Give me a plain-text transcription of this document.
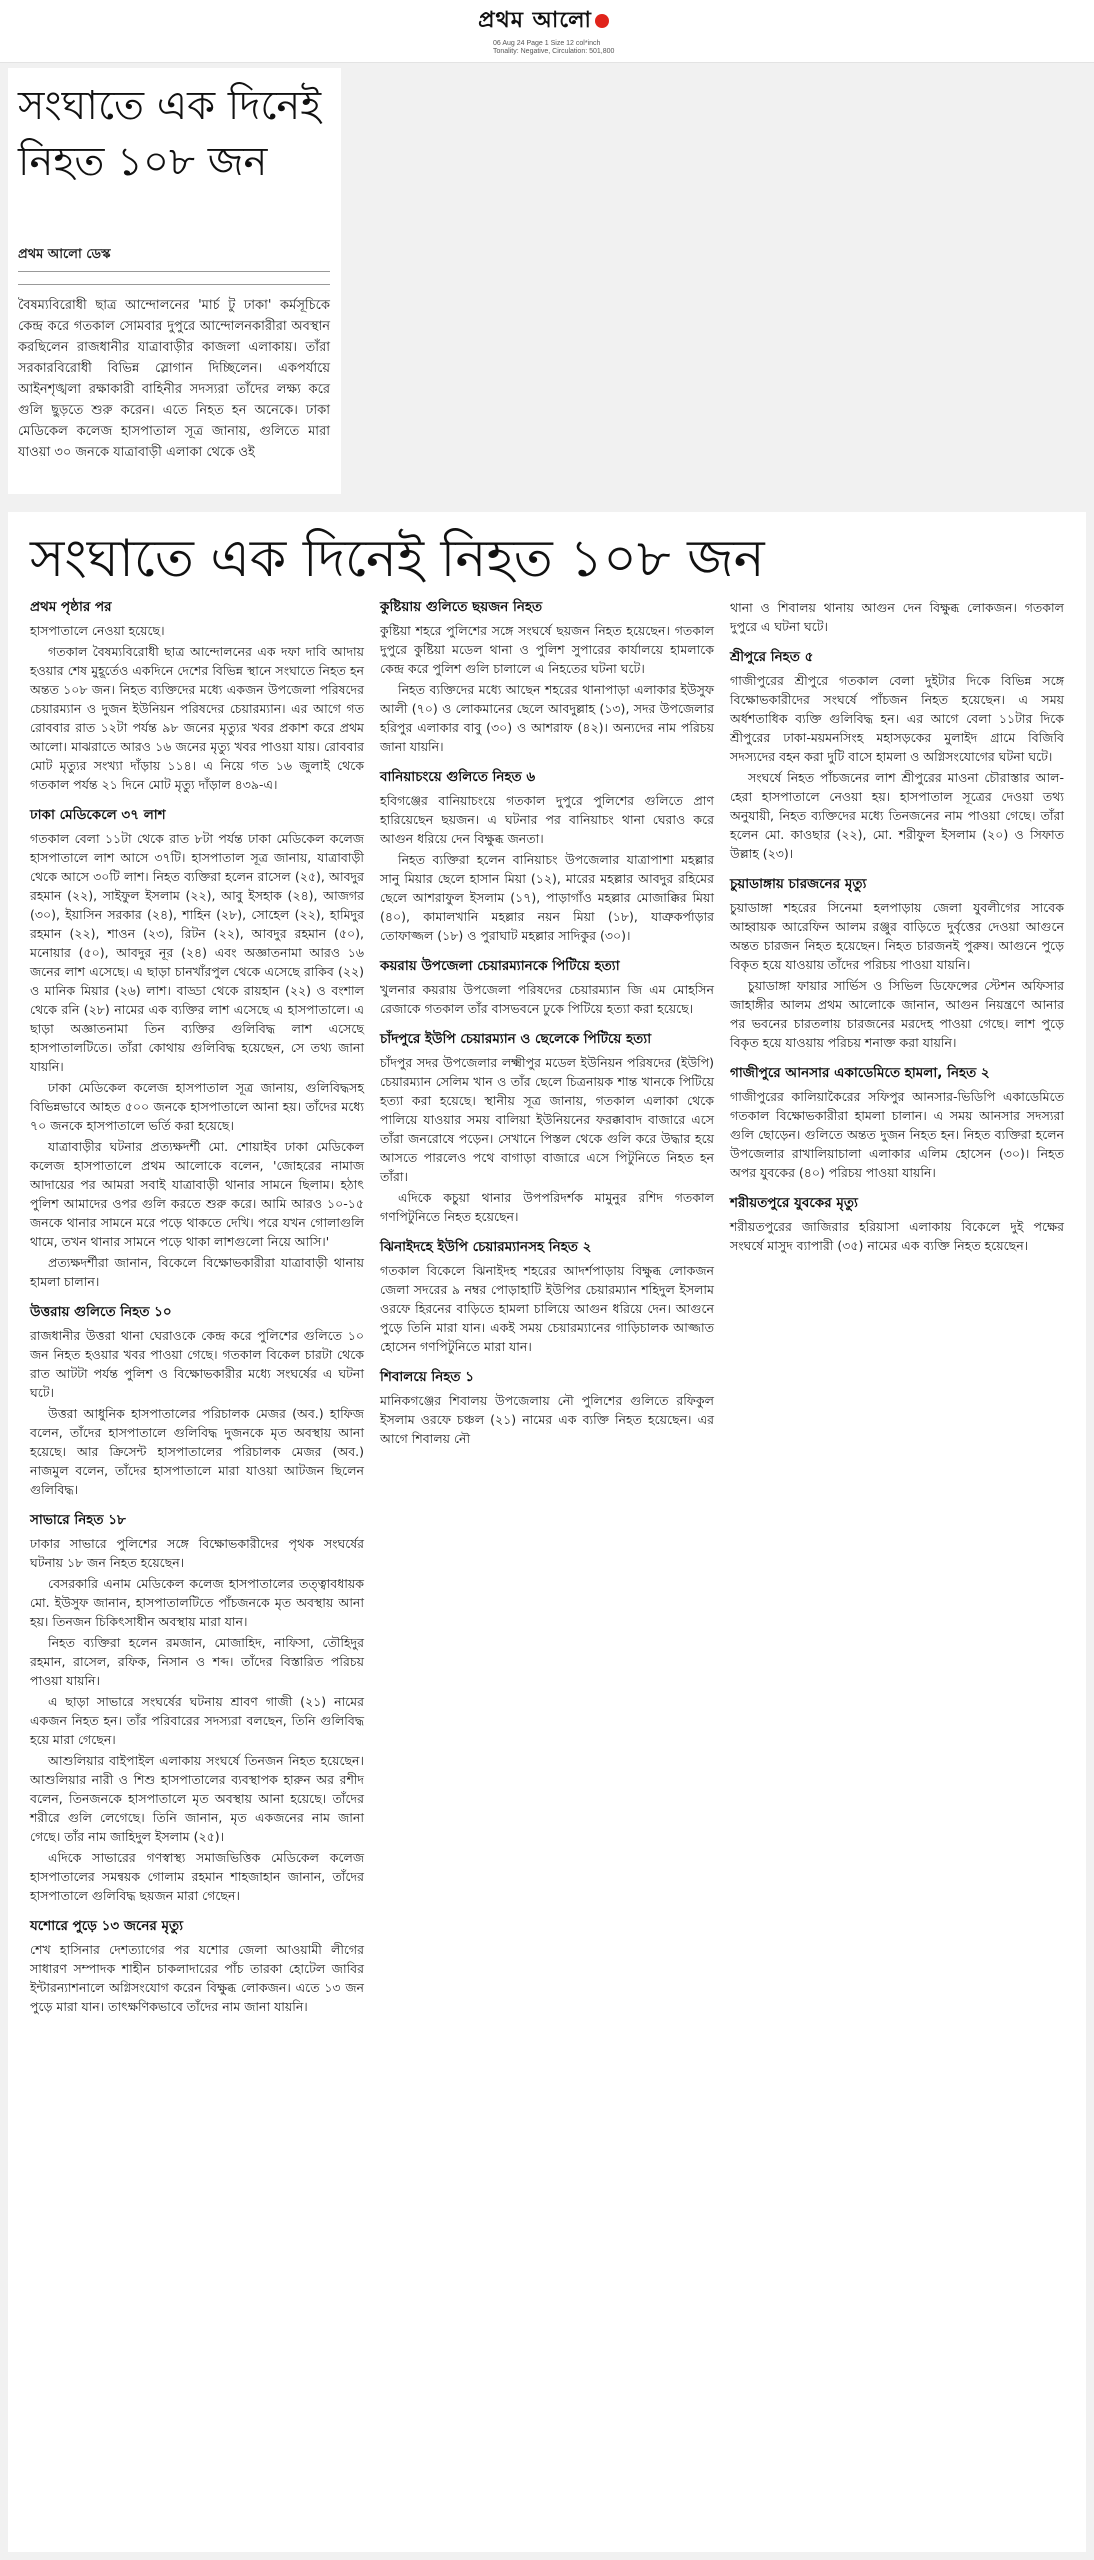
প্রথম আলো
06 Aug 24 Page 1 Size 12 col*inch
Tonality: Negative, Circulation: 501,800
সংঘাতে এক দিনেই নিহত ১০৮ জন
প্রথম আলো ডেস্ক

বৈষম্যবিরোধী ছাত্র আন্দোলনের 'মার্চ টু ঢাকা' কর্মসূচিকে কেন্দ্র করে গতকাল সোমবার দুপুরে আন্দোলনকারীরা অবস্থান করছিলেন রাজধানীর যাত্রাবাড়ীর কাজলা এলাকায়। তাঁরা সরকারবিরোধী বিভিন্ন স্লোগান দিচ্ছিলেন। একপর্যায়ে আইনশৃঙ্খলা রক্ষাকারী বাহিনীর সদস্যরা তাঁদের লক্ষ্য করে গুলি ছুড়তে শুরু করেন। এতে নিহত হন অনেকে। ঢাকা মেডিকেল কলেজ হাসপাতাল সূত্র জানায়, গুলিতে মারা যাওয়া ৩০ জনকে যাত্রাবাড়ী এলাকা থেকে ওই

সংঘাতে এক দিনেই নিহত ১০৮ জন
প্রথম পৃষ্ঠার পর

হাসপাতালে নেওয়া হয়েছে।

গতকাল বৈষম্যবিরোধী ছাত্র আন্দোলনের এক দফা দাবি আদায় হওয়ার শেষ মুহূর্তেও একদিনে দেশের বিভিন্ন স্থানে সংঘাতে নিহত হন অন্তত ১০৮ জন। নিহত ব্যক্তিদের মধ্যে একজন উপজেলা পরিষদের চেয়ারম্যান ও দুজন ইউনিয়ন পরিষদের চেয়ারম্যান। এর আগে গত রোববার রাত ১২টা পর্যন্ত ৯৮ জনের মৃত্যুর খবর প্রকাশ করে প্রথম আলো। মাঝরাতে আরও ১৬ জনের মৃত্যু খবর পাওয়া যায়। রোববার মোট মৃত্যুর সংখ্যা দাঁড়ায় ১১৪। এ নিয়ে গত ১৬ জুলাই থেকে গতকাল পর্যন্ত ২১ দিনে মোট মৃত্যু দাঁড়াল ৪৩৯-এ।

ঢাকা মেডিকেলে ৩৭ লাশ

গতকাল বেলা ১১টা থেকে রাত ৮টা পর্যন্ত ঢাকা মেডিকেল কলেজ হাসপাতালে লাশ আসে ৩৭টি। হাসপাতাল সূত্র জানায়, যাত্রাবাড়ী থেকে আসে ৩০টি লাশ। নিহত ব্যক্তিরা হলেন রাসেল (২৫), আবদুর রহমান (২২), সাইফুল ইসলাম (২২), আবু ইসহাক (২৪), আজগর (৩০), ইয়াসিন সরকার (২৪), শাহিন (২৮), সোহেল (২২), হামিদুর রহমান (২২), শাওন (২৩), রিটন (২২), আবদুর রহমান (৫০), মনোয়ার (৫০), আবদুর নূর (২৪) এবং অজ্ঞাতনামা আরও ১৬ জনের লাশ এসেছে। এ ছাড়া চানখাঁরপুল থেকে এসেছে রাকিব (২২) ও মানিক মিয়ার (২৬) লাশ। বাড্ডা থেকে রায়হান (২২) ও বংশাল থেকে রনি (২৮) নামের এক ব্যক্তির লাশ এসেছে এ হাসপাতালে। এ ছাড়া অজ্ঞাতনামা তিন ব্যক্তির গুলিবিদ্ধ লাশ এসেছে হাসপাতালটিতে। তাঁরা কোথায় গুলিবিদ্ধ হয়েছেন, সে তথ্য জানা যায়নি।

ঢাকা মেডিকেল কলেজ হাসপাতাল সূত্র জানায়, গুলিবিদ্ধসহ বিভিন্নভাবে আহত ৫০০ জনকে হাসপাতালে আনা হয়। তাঁদের মধ্যে ৭০ জনকে হাসপাতালে ভর্তি করা হয়েছে।

যাত্রাবাড়ীর ঘটনার প্রত্যক্ষদর্শী মো. শোয়াইব ঢাকা মেডিকেল কলেজ হাসপাতালে প্রথম আলোকে বলেন, 'জোহরের নামাজ আদায়ের পর আমরা সবাই যাত্রাবাড়ী থানার সামনে ছিলাম। হঠাৎ পুলিশ আমাদের ওপর গুলি করতে শুরু করে। আমি আরও ১০-১৫ জনকে থানার সামনে মরে পড়ে থাকতে দেখি। পরে যখন গোলাগুলি থামে, তখন থানার সামনে পড়ে থাকা লাশগুলো নিয়ে আসি।'

প্রত্যক্ষদর্শীরা জানান, বিকেলে বিক্ষোভকারীরা যাত্রাবাড়ী থানায় হামলা চালান।

উত্তরায় গুলিতে নিহত ১০

রাজধানীর উত্তরা থানা ঘেরাওকে কেন্দ্র করে পুলিশের গুলিতে ১০ জন নিহত হওয়ার খবর পাওয়া গেছে। গতকাল বিকেল চারটা থেকে রাত আটটা পর্যন্ত পুলিশ ও বিক্ষোভকারীর মধ্যে সংঘর্ষের এ ঘটনা ঘটে।

উত্তরা আধুনিক হাসপাতালের পরিচালক মেজর (অব.) হাফিজ বলেন, তাঁদের হাসপাতালে গুলিবিদ্ধ দুজনকে মৃত অবস্থায় আনা হয়েছে। আর ক্রিসেন্ট হাসপাতালের পরিচালক মেজর (অব.) নাজমুল বলেন, তাঁদের হাসপাতালে মারা যাওয়া আটজন ছিলেন গুলিবিদ্ধ।

সাভারে নিহত ১৮

ঢাকার সাভারে পুলিশের সঙ্গে বিক্ষোভকারীদের পৃথক সংঘর্ষের ঘটনায় ১৮ জন নিহত হয়েছেন।

বেসরকারি এনাম মেডিকেল কলেজ হাসপাতালের তত্ত্বাবধায়ক মো. ইউসুফ জানান, হাসপাতালটিতে পাঁচজনকে মৃত অবস্থায় আনা হয়। তিনজন চিকিৎসাধীন অবস্থায় মারা যান।

নিহত ব্যক্তিরা হলেন রমজান, মোজাহিদ, নাফিসা, তৌহিদুর রহমান, রাসেল, রফিক, নিসান ও শব্দ। তাঁদের বিস্তারিত পরিচয় পাওয়া যায়নি।

এ ছাড়া সাভারে সংঘর্ষের ঘটনায় শ্রাবণ গাজী (২১) নামের একজন নিহত হন। তাঁর পরিবারের সদস্যরা বলছেন, তিনি গুলিবিদ্ধ হয়ে মারা গেছেন।

আশুলিয়ার বাইপাইল এলাকায় সংঘর্ষে তিনজন নিহত হয়েছেন। আশুলিয়ার নারী ও শিশু হাসপাতালের ব্যবস্থাপক হারুন অর রশীদ বলেন, তিনজনকে হাসপাতালে মৃত অবস্থায় আনা হয়েছে। তাঁদের শরীরে গুলি লেগেছে। তিনি জানান, মৃত একজনের নাম জানা গেছে। তাঁর নাম জাহিদুল ইসলাম (২৫)।

এদিকে সাভারের গণস্বাস্থ্য সমাজভিত্তিক মেডিকেল কলেজ হাসপাতালের সমন্বয়ক গোলাম রহমান শাহজাহান জানান, তাঁদের হাসপাতালে গুলিবিদ্ধ ছয়জন মারা গেছেন।

যশোরে পুড়ে ১৩ জনের মৃত্যু

শেখ হাসিনার দেশত্যাগের পর যশোর জেলা আওয়ামী লীগের সাধারণ সম্পাদক শাহীন চাকলাদারের পাঁচ তারকা হোটেল জাবির ইন্টারন্যাশনালে অগ্নিসংযোগ করেন বিক্ষুব্ধ লোকজন। এতে ১৩ জন পুড়ে মারা যান। তাৎক্ষণিকভাবে তাঁদের নাম জানা যায়নি।

কুষ্টিয়ায় গুলিতে ছয়জন নিহত

কুষ্টিয়া শহরে পুলিশের সঙ্গে সংঘর্ষে ছয়জন নিহত হয়েছেন। গতকাল দুপুরে কুষ্টিয়া মডেল থানা ও পুলিশ সুপারের কার্যালয়ে হামলাকে কেন্দ্র করে পুলিশ গুলি চালালে এ নিহতের ঘটনা ঘটে।

নিহত ব্যক্তিদের মধ্যে আছেন শহরের থানাপাড়া এলাকার ইউসুফ আলী (৭০) ও লোকমানের ছেলে আবদুল্লাহ (১৩), সদর উপজেলার হরিপুর এলাকার বাবু (৩০) ও আশরাফ (৪২)। অন্যদের নাম পরিচয় জানা যায়নি।

বানিয়াচংয়ে গুলিতে নিহত ৬

হবিগঞ্জের বানিয়াচংয়ে গতকাল দুপুরে পুলিশের গুলিতে প্রাণ হারিয়েছেন ছয়জন। এ ঘটনার পর বানিয়াচং থানা ঘেরাও করে আগুন ধরিয়ে দেন বিক্ষুব্ধ জনতা।

নিহত ব্যক্তিরা হলেন বানিয়াচং উপজেলার যাত্রাপাশা মহল্লার সানু মিয়ার ছেলে হাসান মিয়া (১২), মারের মহল্লার আবদুর রহিমের ছেলে আশরাফুল ইসলাম (১৭), পাড়াগাঁও মহল্লার মোজাক্কির মিয়া (৪০), কামালখানি মহল্লার নয়ন মিয়া (১৮), যাত্রুকর্পাড়ার তোফাজ্জল (১৮) ও পুরাঘাট মহল্লার সাদিকুর (৩০)।

কয়রায় উপজেলা চেয়ারম্যানকে পিটিয়ে হত্যা

খুলনার কয়রায় উপজেলা পরিষদের চেয়ারম্যান জি এম মোহসিন রেজাকে গতকাল তাঁর বাসভবনে ঢুকে পিটিয়ে হত্যা করা হয়েছে।

চাঁদপুরে ইউপি চেয়ারম্যান ও ছেলেকে পিটিয়ে হত্যা

চাঁদপুর সদর উপজেলার লক্ষ্মীপুর মডেল ইউনিয়ন পরিষদের (ইউপি) চেয়ারম্যান সেলিম খান ও তাঁর ছেলে চিত্রনায়ক শান্ত খানকে পিটিয়ে হত্যা করা হয়েছে। স্থানীয় সূত্র জানায়, গতকাল এলাকা থেকে পালিয়ে যাওয়ার সময় বালিয়া ইউনিয়নের ফরক্কাবাদ বাজারে এসে তাঁরা জনরোষে পড়েন। সেখানে পিস্তল থেকে গুলি করে উদ্ধার হয়ে আসতে পারলেও পথে বাগাড়া বাজারে এসে পিটুনিতে নিহত হন তাঁরা।

এদিকে কচুয়া থানার উপপরিদর্শক মামুনুর রশিদ গতকাল গণপিটুনিতে নিহত হয়েছেন।

ঝিনাইদহে ইউপি চেয়ারম্যানসহ নিহত ২

গতকাল বিকেলে ঝিনাইদহ শহরের আদর্শপাড়ায় বিক্ষুব্ধ লোকজন জেলা সদরের ৯ নম্বর পোড়াহাটি ইউপির চেয়ারম্যান শহিদুল ইসলাম ওরফে হিরনের বাড়িতে হামলা চালিয়ে আগুন ধরিয়ে দেন। আগুনে পুড়ে তিনি মারা যান। একই সময় চেয়ারম্যানের গাড়িচালক আজ্জাত হোসেন গণপিটুনিতে মারা যান।

শিবালয়ে নিহত ১

মানিকগঞ্জের শিবালয় উপজেলায় নৌ পুলিশের গুলিতে রফিকুল ইসলাম ওরফে চঞ্চল (২১) নামের এক ব্যক্তি নিহত হয়েছেন। এর আগে শিবালয় নৌ

থানা ও শিবালয় থানায় আগুন দেন বিক্ষুব্ধ লোকজন। গতকাল দুপুরে এ ঘটনা ঘটে।

শ্রীপুরে নিহত ৫

গাজীপুরের শ্রীপুরে গতকাল বেলা দুইটার দিকে বিভিন্ন সঙ্গে বিক্ষোভকারীদের সংঘর্ষে পাঁচজন নিহত হয়েছেন। এ সময় অর্ধশতাধিক ব্যক্তি গুলিবিদ্ধ হন। এর আগে বেলা ১১টার দিকে শ্রীপুরের ঢাকা-ময়মনসিংহ মহাসড়কের মুলাইদ গ্রামে বিজিবি সদস্যদের বহন করা দুটি বাসে হামলা ও অগ্নিসংযোগের ঘটনা ঘটে।

সংঘর্ষে নিহত পাঁচজনের লাশ শ্রীপুরের মাওনা চৌরাস্তার আল-হেরা হাসপাতালে নেওয়া হয়। হাসপাতাল সূত্রের দেওয়া তথ্য অনুযায়ী, নিহত ব্যক্তিদের মধ্যে তিনজনের নাম পাওয়া গেছে। তাঁরা হলেন মো. কাওছার (২২), মো. শরীফুল ইসলাম (২০) ও সিফাত উল্লাহ (২৩)।

চুয়াডাঙ্গায় চারজনের মৃত্যু

চুয়াডাঙ্গা শহরের সিনেমা হলপাড়ায় জেলা যুবলীগের সাবেক আহ্বায়ক আরেফিন আলম রঞ্জুর বাড়িতে দুর্বৃত্তের দেওয়া আগুনে অন্তত চারজন নিহত হয়েছেন। নিহত চারজনই পুরুষ। আগুনে পুড়ে বিকৃত হয়ে যাওয়ায় তাঁদের পরিচয় পাওয়া যায়নি।

চুয়াডাঙ্গা ফায়ার সার্ভিস ও সিভিল ডিফেন্সের স্টেশন অফিসার জাহাঙ্গীর আলম প্রথম আলোকে জানান, আগুন নিয়ন্ত্রণে আনার পর ভবনের চারতলায় চারজনের মরদেহ পাওয়া গেছে। লাশ পুড়ে বিকৃত হয়ে যাওয়ায় পরিচয় শনাক্ত করা যায়নি।

গাজীপুরে আনসার একাডেমিতে হামলা, নিহত ২

গাজীপুরের কালিয়াকৈরের সফিপুর আনসার-ভিডিপি একাডেমিতে গতকাল বিক্ষোভকারীরা হামলা চালান। এ সময় আনসার সদস্যরা গুলি ছোড়েন। গুলিতে অন্তত দুজন নিহত হন। নিহত ব্যক্তিরা হলেন উপজেলার রাখালিয়াচালা এলাকার এলিম হোসেন (৩০)। নিহত অপর যুবকের (৪০) পরিচয় পাওয়া যায়নি।

শরীয়তপুরে যুবকের মৃত্যু

শরীয়তপুরের জাজিরার হরিয়াসা এলাকায় বিকেলে দুই পক্ষের সংঘর্ষে মাসুদ ব্যাপারী (৩৫) নামের এক ব্যক্তি নিহত হয়েছেন।
